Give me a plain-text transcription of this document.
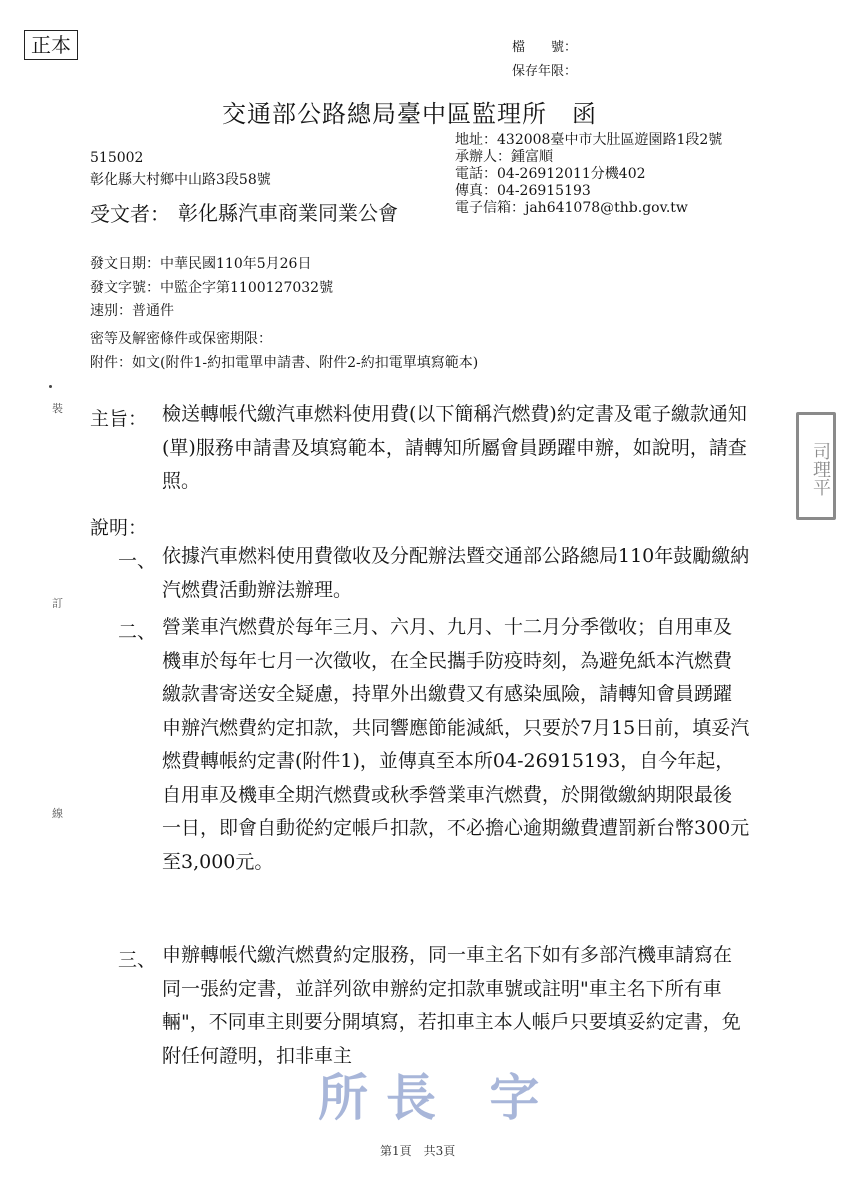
正本	檔　　號：
保存年限：
交通部公路總局臺中區監理所　函
地址：432008臺中市大肚區遊園路1段2號
承辦人：鍾富順
電話：04-26912011分機402
傳真：04-26915193
電子信箱：jah641078@thb.gov.tw
515002
彰化縣大村鄉中山路3段58號
受文者： 彰化縣汽車商業同業公會
發文日期：中華民國110年5月26日
發文字號：中監企字第1100127032號
速別：普通件
密等及解密條件或保密期限：
附件：如文(附件1-約扣電單申請書、附件2-約扣電單填寫範本)
主旨： 檢送轉帳代繳汽車燃料使用費(以下簡稱汽燃費)約定書及電子繳款通知(單)服務申請書及填寫範本，請轉知所屬會員踴躍申辦，如說明，請查照。
說明：
一、 依據汽車燃料使用費徵收及分配辦法暨交通部公路總局110年鼓勵繳納汽燃費活動辦法辦理。
二、 營業車汽燃費於每年三月、六月、九月、十二月分季徵收；自用車及機車於每年七月一次徵收，在全民攜手防疫時刻，為避免紙本汽燃費繳款書寄送安全疑慮，持單外出繳費又有感染風險，請轉知會員踴躍申辦汽燃費約定扣款，共同響應節能減紙，只要於7月15日前，填妥汽燃費轉帳約定書(附件1)，並傳真至本所04-26915193，自今年起，自用車及機車全期汽燃費或秋季營業車汽燃費，於開徵繳納期限最後一日，即會自動從約定帳戶扣款，不必擔心逾期繳費遭罰新台幣300元至3,000元。
三、 申辦轉帳代繳汽燃費約定服務，同一車主名下如有多部汽機車請寫在同一張約定書，並詳列欲申辦約定扣款車號或註明"車主名下所有車輛"，不同車主則要分開填寫，若扣車主本人帳戶只要填妥約定書，免附任何證明，扣非車主
裝
訂
線
司理平
所長 字
第1頁　共3頁
